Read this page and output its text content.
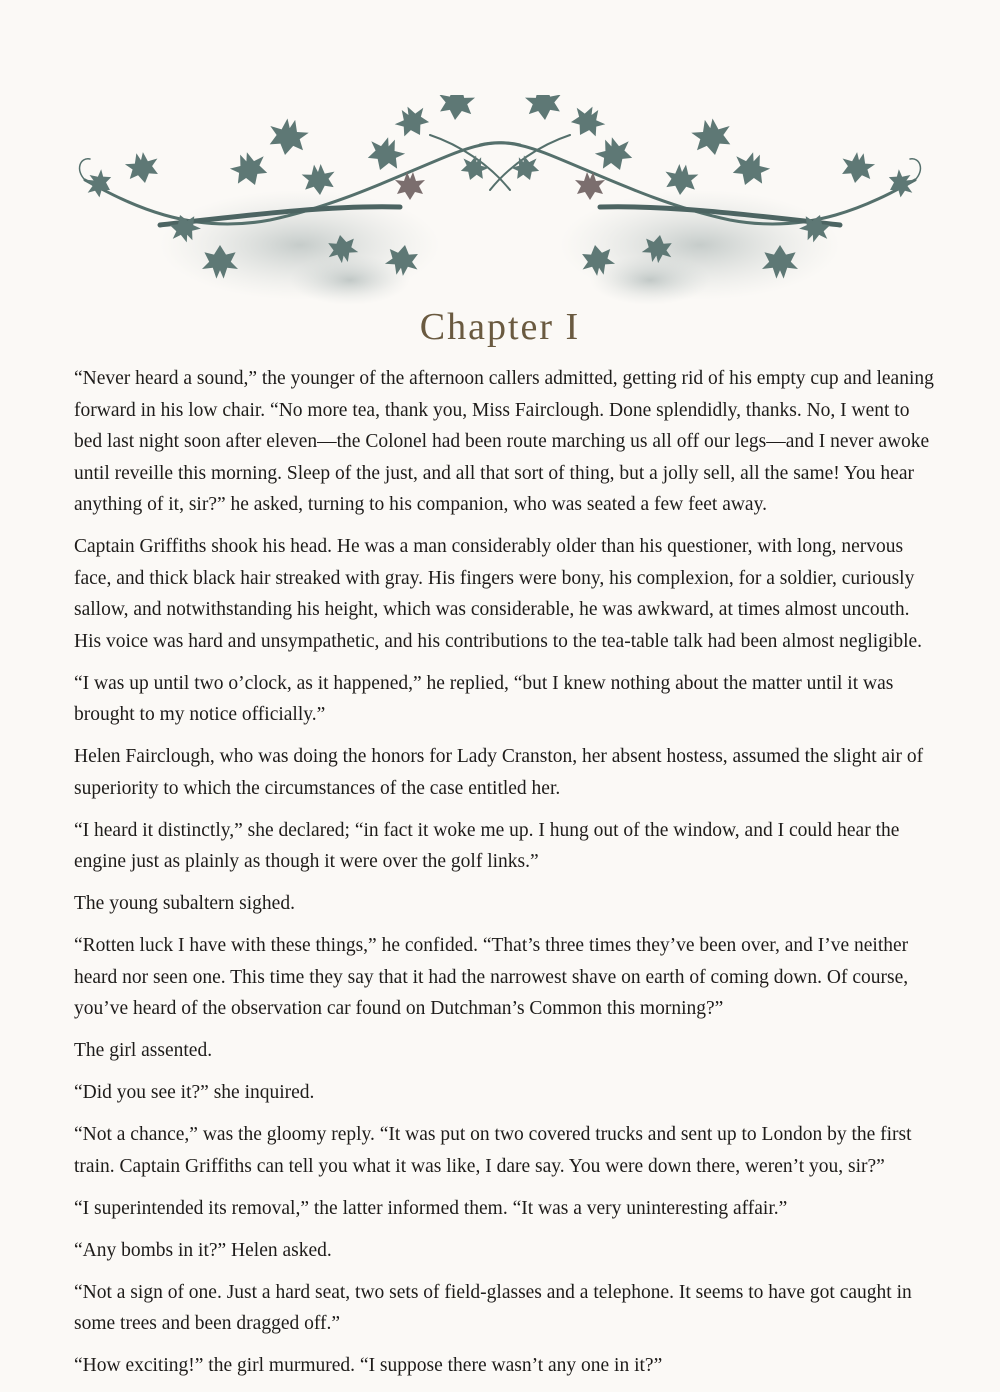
Chapter I

“Never heard a sound,” the younger of the afternoon callers admitted, getting rid of his empty cup and leaning forward in his low chair. “No more tea, thank you, Miss Fairclough. Done splendidly, thanks. No, I went to bed last night soon after eleven—the Colonel had been route marching us all off our legs—and I never awoke until reveille this morning. Sleep of the just, and all that sort of thing, but a jolly sell, all the same! You hear anything of it, sir?” he asked, turning to his companion, who was seated a few feet away.

Captain Griffiths shook his head. He was a man considerably older than his questioner, with long, nervous face, and thick black hair streaked with gray. His fingers were bony, his complexion, for a soldier, curiously sallow, and notwithstanding his height, which was considerable, he was awkward, at times almost uncouth. His voice was hard and unsympathetic, and his contributions to the tea-table talk had been almost negligible.

“I was up until two o’clock, as it happened,” he replied, “but I knew nothing about the matter until it was brought to my notice officially.”

Helen Fairclough, who was doing the honors for Lady Cranston, her absent hostess, assumed the slight air of superiority to which the circumstances of the case entitled her.

“I heard it distinctly,” she declared; “in fact it woke me up. I hung out of the window, and I could hear the engine just as plainly as though it were over the golf links.”

The young subaltern sighed.

“Rotten luck I have with these things,” he confided. “That’s three times they’ve been over, and I’ve neither heard nor seen one. This time they say that it had the narrowest shave on earth of coming down. Of course, you’ve heard of the observation car found on Dutchman’s Common this morning?”

The girl assented.

“Did you see it?” she inquired.

“Not a chance,” was the gloomy reply. “It was put on two covered trucks and sent up to London by the first train. Captain Griffiths can tell you what it was like, I dare say. You were down there, weren’t you, sir?”

“I superintended its removal,” the latter informed them. “It was a very uninteresting affair.”

“Any bombs in it?” Helen asked.

“Not a sign of one. Just a hard seat, two sets of field-glasses and a telephone. It seems to have got caught in some trees and been dragged off.”

“How exciting!” the girl murmured. “I suppose there wasn’t any one in it?”
